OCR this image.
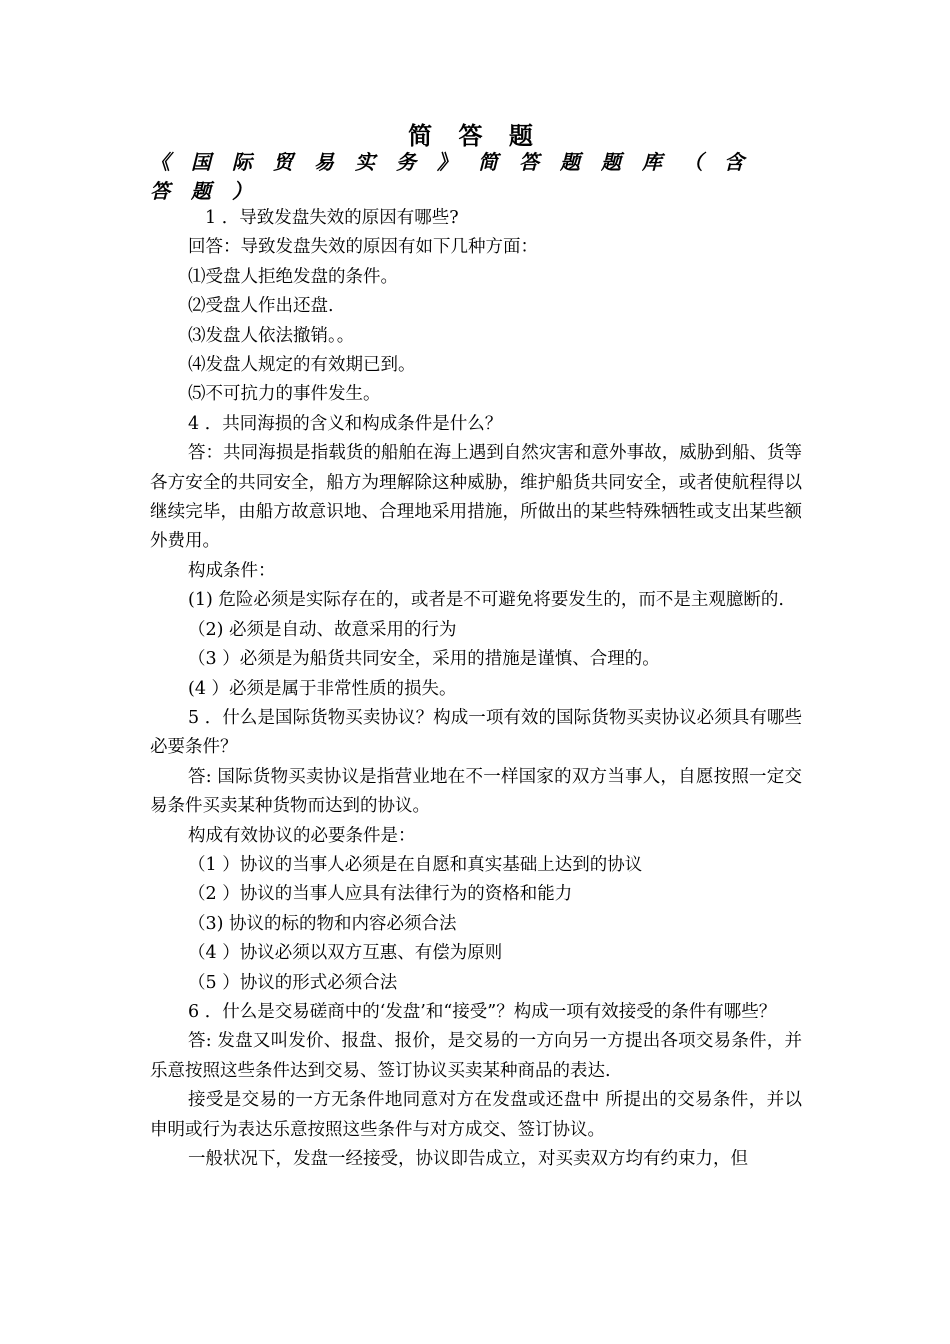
简 答 题
《国际贸易实务》简答题题库（含答题）

1 ．导致发盘失效的原因有哪些?

回答：导致发盘失效的原因有如下几种方面：

⑴受盘人拒绝发盘的条件。

⑵受盘人作出还盘.

⑶发盘人依法撤销。。

⑷发盘人规定的有效期已到。

⑸不可抗力的事件发生。

4 ．共同海损的含义和构成条件是什么？

答：共同海损是指载货的船舶在海上遇到自然灾害和意外事故，威胁到船、货等各方安全的共同安全，船方为理解除这种威胁，维护船货共同安全，或者使航程得以继续完毕，由船方故意识地、合理地采用措施，所做出的某些特殊牺牲或支出某些额外费用。

构成条件：

(1) 危险必须是实际存在的，或者是不可避免将要发生的，而不是主观臆断的.

（2) 必须是自动、故意采用的行为

（3 ）必须是为船货共同安全，采用的措施是谨慎、合理的。

(4 ）必须是属于非常性质的损失。

5 ．什么是国际货物买卖协议？构成一项有效的国际货物买卖协议必须具有哪些必要条件？

答: 国际货物买卖协议是指营业地在不一样国家的双方当事人，自愿按照一定交易条件买卖某种货物而达到的协议。

构成有效协议的必要条件是：

（1 ）协议的当事人必须是在自愿和真实基础上达到的协议

（2 ）协议的当事人应具有法律行为的资格和能力

（3) 协议的标的物和内容必须合法

（4 ）协议必须以双方互惠、有偿为原则

（5 ）协议的形式必须合法

6 ．什么是交易磋商中的‘发盘’和“接受”？构成一项有效接受的条件有哪些？

答: 发盘又叫发价、报盘、报价，是交易的一方向另一方提出各项交易条件，并乐意按照这些条件达到交易、签订协议买卖某种商品的表达.

接受是交易的一方无条件地同意对方在发盘或还盘中 所提出的交易条件，并以申明或行为表达乐意按照这些条件与对方成交、签订协议。

一般状况下，发盘一经接受，协议即告成立，对买卖双方均有约束力，但
